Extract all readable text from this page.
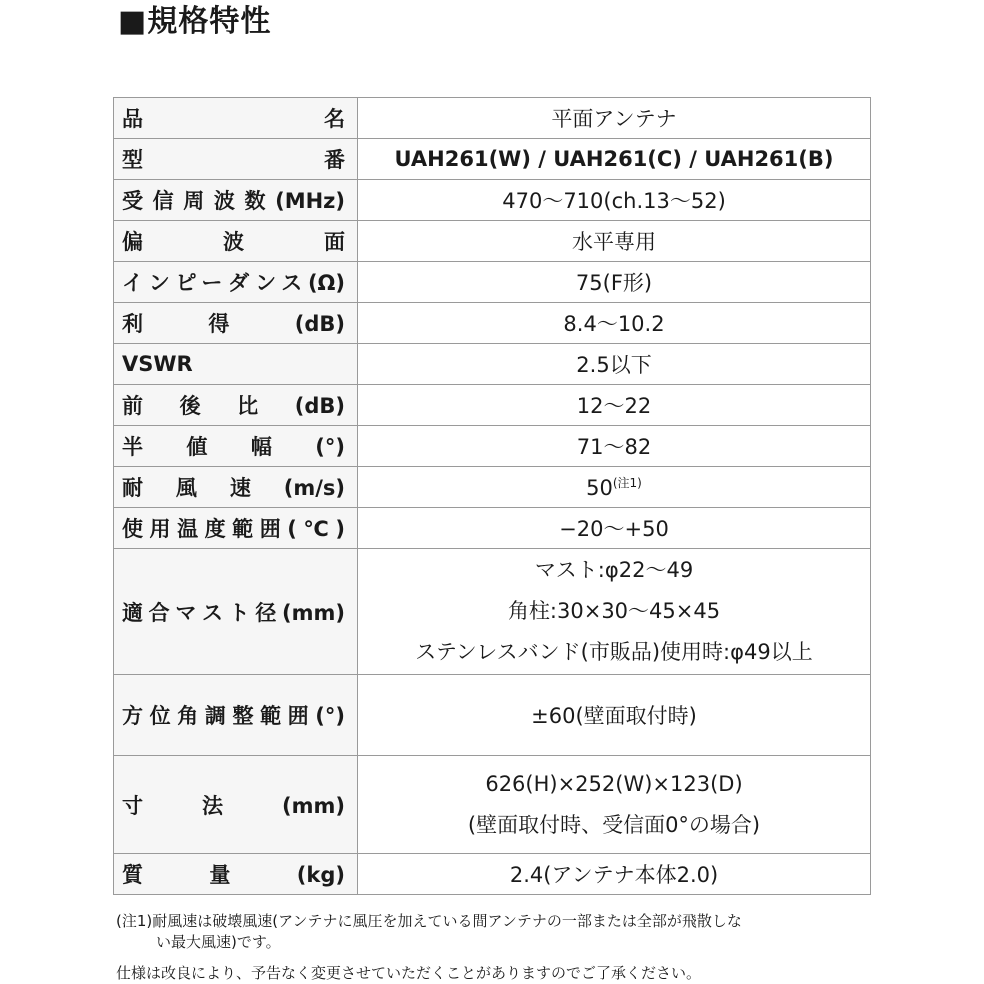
■規格特性
品名	平面アンテナ
型番	UAH261(W) / UAH261(C) / UAH261(B)
受信周波数(MHz)	470〜710(ch.13〜52)
偏波面	水平専用
インピーダンス(Ω)	75(F形)
利得(dB)	8.4〜10.2
VSWR	2.5以下
前後比(dB)	12〜22
半値幅(°)	71〜82
耐風速(m/s)	50$^{(注1)}$
使用温度範囲(℃)	−20〜+50
適合マスト径(mm)	マスト:φ22〜49
角柱:30×30〜45×45
ステンレスバンド(市販品)使用時:φ49以上

方位角調整範囲(°)	±60(壁面取付時)
寸法(mm)	626(H)×252(W)×123(D)
(壁面取付時、受信面0°の場合)

質量(kg)	2.4(アンテナ本体2.0)
(注1)耐風速は破壊風速(アンテナに風圧を加えている間アンテナの一部または全部が飛散しな
い最大風速)です。
仕様は改良により、予告なく変更させていただくことがありますのでご了承ください。
